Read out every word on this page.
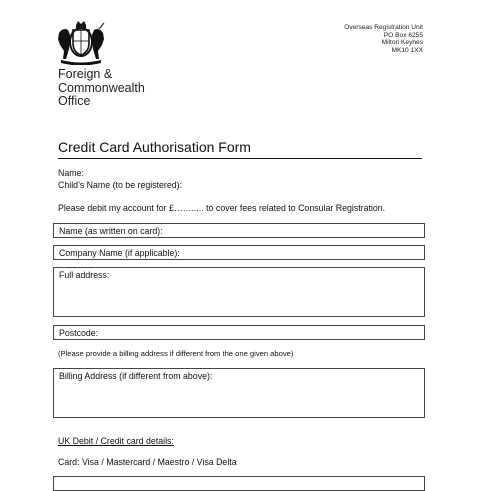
Foreign &
Commonwealth
Office
Overseas Registration Unit
PO Box 6255
Milton Keynes
MK10 1XX
Credit Card Authorisation Form
Name:
Child’s Name (to be registered):
Please debit my account for £……..... to cover fees related to Consular Registration.
Name (as written on card):
Company Name (if applicable):
Full address:
Postcode:
(Please provide a billing address if different from the one given above)
Billing Address (if different from above):
UK Debit / Credit card details:
Card: Visa / Mastercard / Maestro / Visa Delta
